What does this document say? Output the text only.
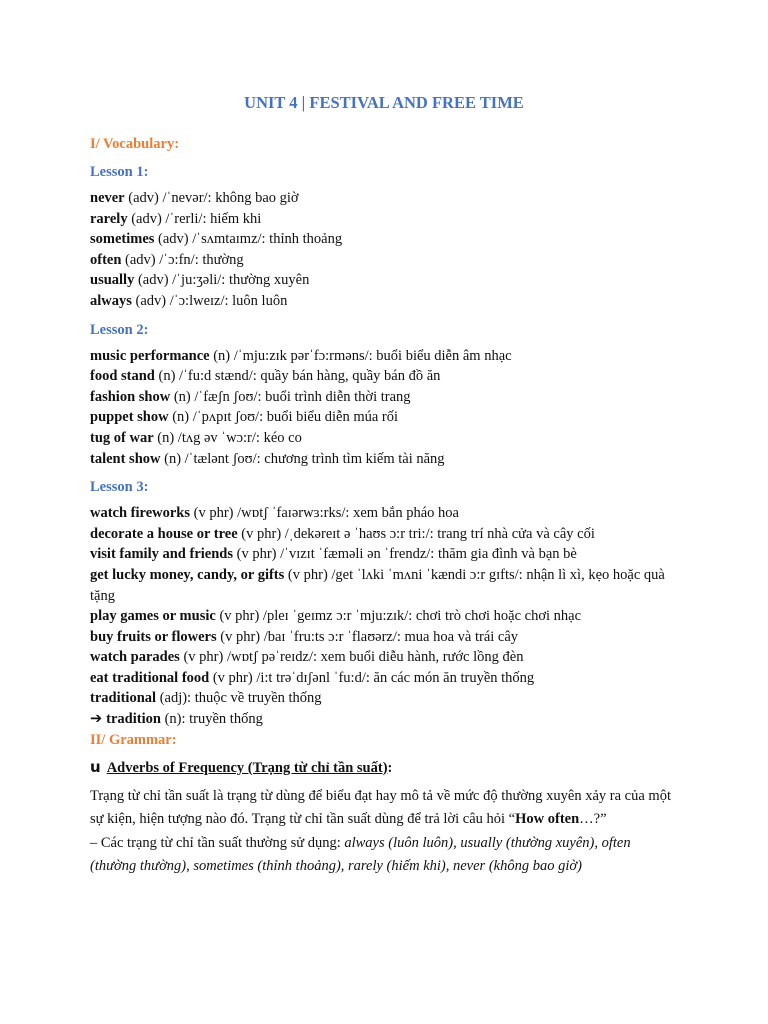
UNIT 4 | FESTIVAL AND FREE TIME

I/ Vocabulary:

Lesson 1:

never (adv) /ˈnevər/: không bao giờ
rarely (adv) /ˈrerli/: hiếm khi
sometimes (adv) /ˈsʌmtaɪmz/: thỉnh thoảng
often (adv) /ˈɔ:fn/: thường
usually (adv) /ˈju:ʒəli/: thường xuyên
always (adv) /ˈɔ:lweɪz/: luôn luôn

Lesson 2:

music performance (n) /ˈmju:zɪk pərˈfɔ:rməns/: buổi biểu diễn âm nhạc
food stand (n) /ˈfu:d stænd/: quầy bán hàng, quầy bán đồ ăn
fashion show (n) /ˈfæʃn ʃoʊ/: buổi trình diễn thời trang
puppet show (n) /ˈpʌpɪt ʃoʊ/: buổi biểu diễn múa rối
tug of war (n) /tʌg əv ˈwɔ:r/: kéo co
talent show (n) /ˈtælənt ʃoʊ/: chương trình tìm kiếm tài năng

Lesson 3:

watch fireworks (v phr) /wɒtʃ ˈfaɪərwɜ:rks/: xem bắn pháo hoa
decorate a house or tree (v phr) /ˌdekəreɪt ə ˈhaʊs ɔ:r tri:/: trang trí nhà cửa và cây cối
visit family and friends (v phr) /ˈvɪzɪt ˈfæməli ən ˈfrendz/: thăm gia đình và bạn bè
get lucky money, candy, or gifts (v phr) /get ˈlʌki ˈmʌni ˈkændi ɔ:r gɪfts/: nhận lì xì, kẹo hoặc quà tặng
play games or music (v phr) /pleɪ ˈgeɪmz ɔ:r ˈmju:zɪk/: chơi trò chơi hoặc chơi nhạc
buy fruits or flowers (v phr) /baɪ ˈfru:ts ɔ:r ˈflaʊərz/: mua hoa và trái cây
watch parades (v phr) /wɒtʃ pəˈreɪdz/: xem buổi diễu hành, rước lồng đèn
eat traditional food (v phr) /i:t trəˈdɪʃənl ˈfu:d/: ăn các món ăn truyền thống
traditional (adj): thuộc về truyền thống
➔ tradition (n): truyền thống

II/ Grammar:

u Adverbs of Frequency (Trạng từ chỉ tần suất):

Trạng từ chỉ tần suất là trạng từ dùng để biểu đạt hay mô tả về mức độ thường xuyên xảy ra của một sự kiện, hiện tượng nào đó. Trạng từ chỉ tần suất dùng để trả lời câu hỏi “How often…?”

– Các trạng từ chỉ tần suất thường sử dụng: always (luôn luôn), usually (thường xuyên), often (thường thường), sometimes (thỉnh thoảng), rarely (hiếm khi), never (không bao giờ)
